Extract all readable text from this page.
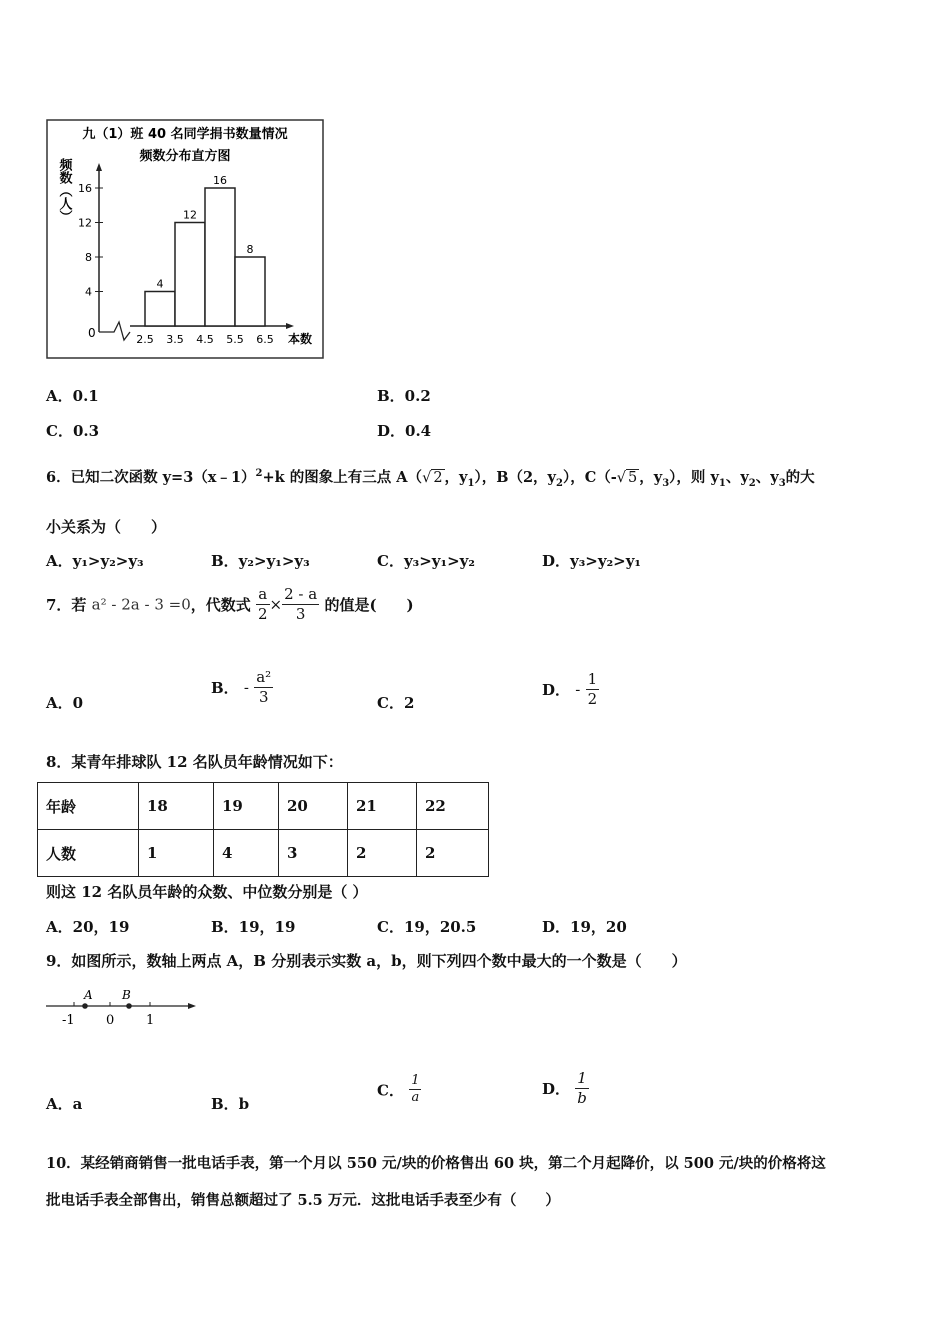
九（1）班 40 名同学捐书数量情况
频数分布直方图
频数（人）
本数
0
4
8
12
16
4
12
16
8
2.5 3.5 4.5 5.5 6.5
A．0.1	B．0.2
C．0.3	D．0.4
6．已知二次函数 y=3（x﹣1）$^2$+k 的图象上有三点 A（√ 2 ，$y_1$），B（2，$y_2$），C（-√ 5 ，$y_3$），则 $y_1$、$y_2$、$y_3$的大
小关系为（　　）
A．y₁>y₂>y₃	B．y₂>y₁>y₃	C．y₃>y₁>y₂	D．y₃>y₂>y₁
7．若 a² - 2a - 3 =0，代数式 $\frac{a}{2} \times \frac{2 - a}{3}$ 的值是(　　)
A．0
B． - $\frac{\text{a²}}{3}$	C．2
D． - $\frac{1}{2}$
8．某青年排球队 12 名队员年龄情况如下：
年龄	18	19	20	21	22
人数	1	4	3	2	2
则这 12 名队员年龄的众数、中位数分别是（ ）
A．20，19	B．19，19	C．19，20.5	D．19，20
9．如图所示，数轴上两点 A，B 分别表示实数 a，b，则下列四个数中最大的一个数是（　　）
A B
-1 0 1
A．a	B．b
C． $\frac{1}{a}$	D． $\frac{1}{b}$
10．某经销商销售一批电话手表，第一个月以 550 元/块的价格售出 60 块，第二个月起降价，以 500 元/块的价格将这
批电话手表全部售出，销售总额超过了 5.5 万元．这批电话手表至少有（　　）
